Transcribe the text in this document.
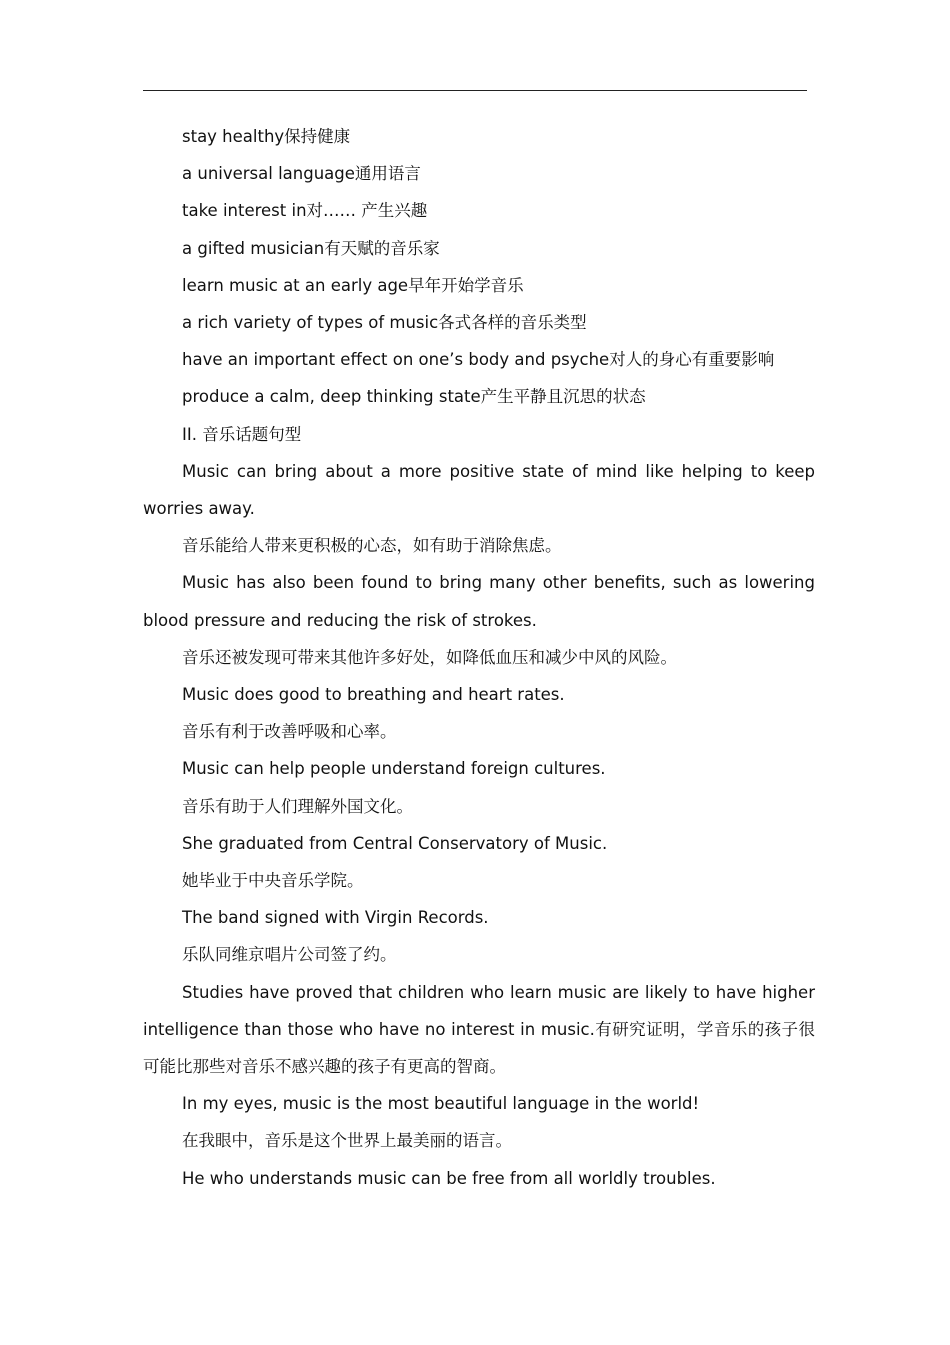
stay healthy保持健康

a universal language通用语言

take interest in对…… 产生兴趣

a gifted musician有天赋的音乐家

learn music at an early age早年开始学音乐

a rich variety of types of music各式各样的音乐类型

have an important effect on one’s body and psyche对人的身心有重要影响

produce a calm, deep thinking state产生平静且沉思的状态

II. 音乐话题句型

Music can bring about a more positive state of mind like helping to keep worries away.

音乐能给人带来更积极的心态，如有助于消除焦虑。

Music has also been found to bring many other benefits, such as lowering blood pressure and reducing the risk of strokes.

音乐还被发现可带来其他许多好处，如降低血压和减少中风的风险。

Music does good to breathing and heart rates.

音乐有利于改善呼吸和心率。

Music can help people understand foreign cultures.

音乐有助于人们理解外国文化。

She graduated from Central Conservatory of Music.

她毕业于中央音乐学院。

The band signed with Virgin Records.

乐队同维京唱片公司签了约。

Studies have proved that children who learn music are likely to have higher intelligence than those who have no interest in music.有研究证明，学音乐的孩子很可能比那些对音乐不感兴趣的孩子有更高的智商。

In my eyes, music is the most beautiful language in the world!

在我眼中，音乐是这个世界上最美丽的语言。

He who understands music can be free from all worldly troubles.
